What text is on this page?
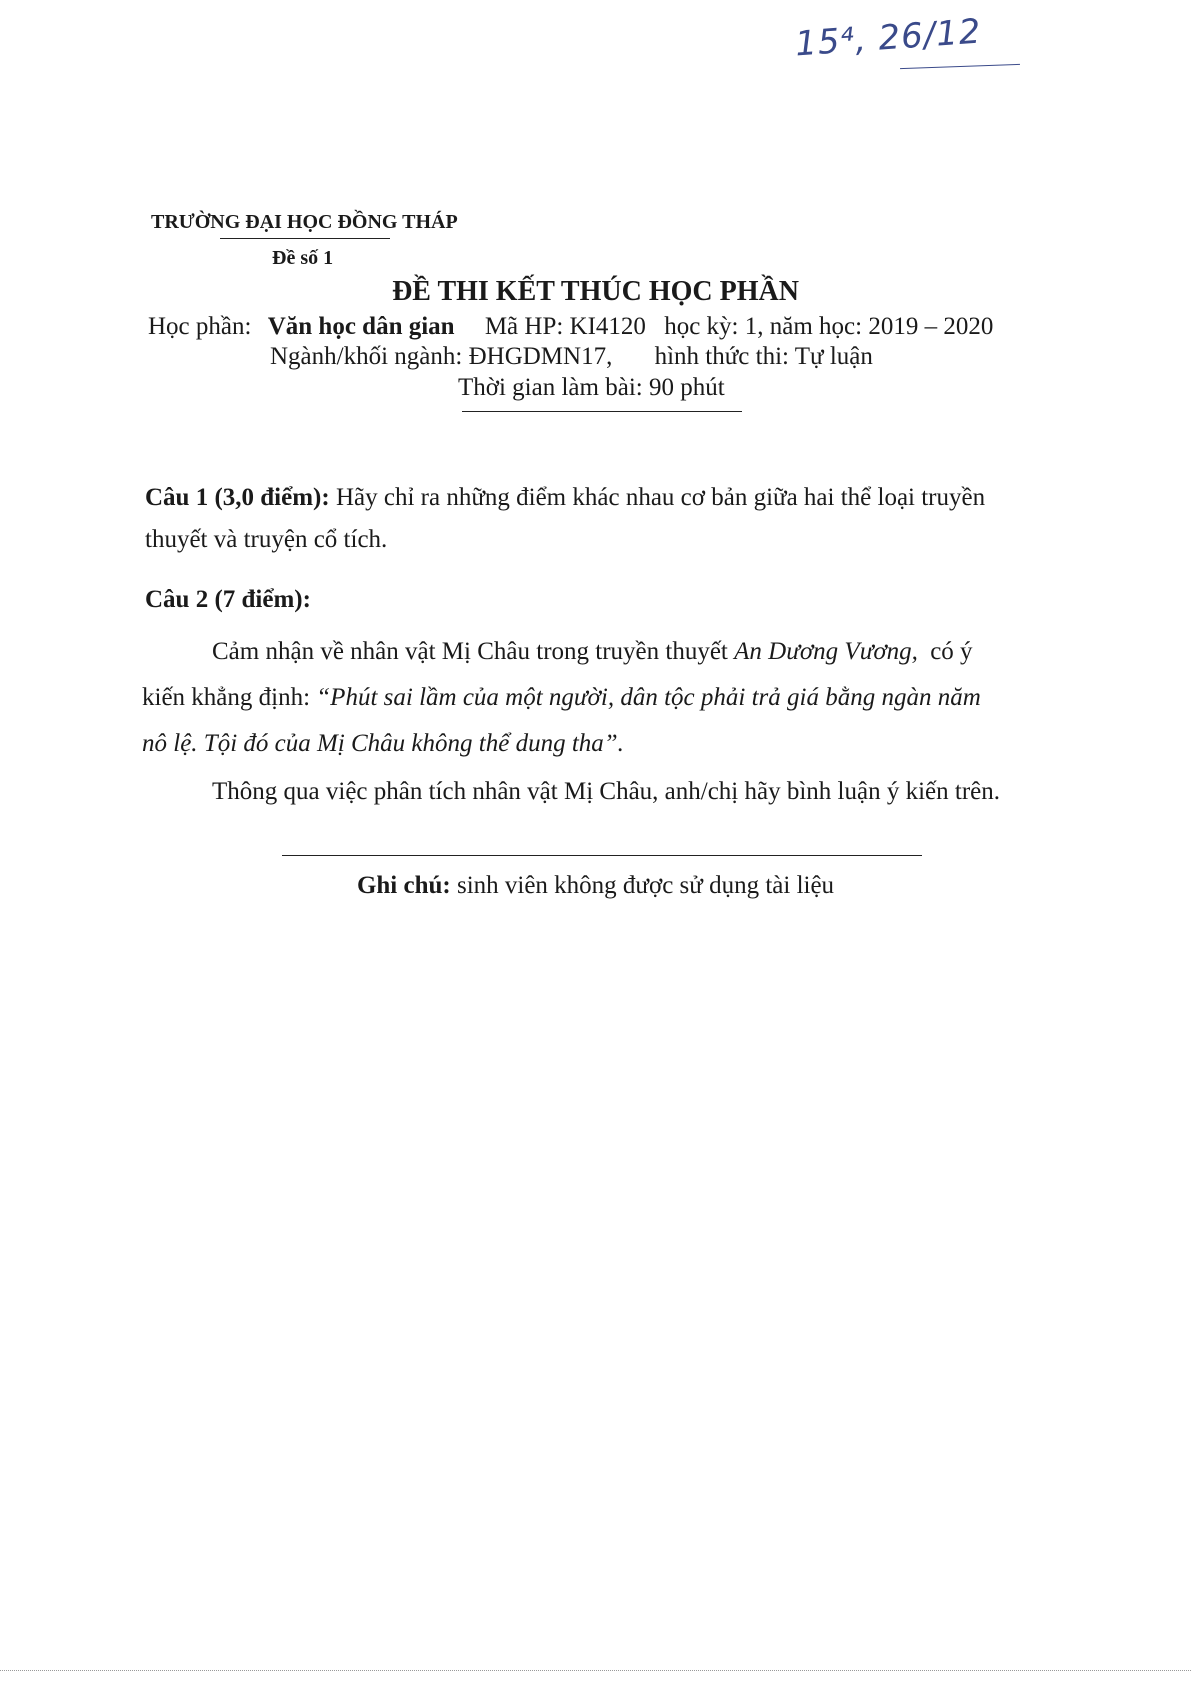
15⁴, 26/12
TRƯỜNG ĐẠI HỌC ĐỒNG THÁP
Đề số 1
ĐỀ THI KẾT THÚC HỌC PHẦN
Học phần: Văn học dân gian Mã HP: KI4120 học kỳ: 1, năm học: 2019 – 2020
Ngành/khối ngành: ĐHGDMN17, hình thức thi: Tự luận
Thời gian làm bài: 90 phút
Câu 1 (3,0 điểm): Hãy chỉ ra những điểm khác nhau cơ bản giữa hai thể loại truyền
thuyết và truyện cổ tích.
Câu 2 (7 điểm):
Cảm nhận về nhân vật Mị Châu trong truyền thuyết An Dương Vương, có ý
kiến khẳng định: “Phút sai lầm của một người, dân tộc phải trả giá bằng ngàn năm
nô lệ. Tội đó của Mị Châu không thể dung tha”.
Thông qua việc phân tích nhân vật Mị Châu, anh/chị hãy bình luận ý kiến trên.
Ghi chú: sinh viên không được sử dụng tài liệu
